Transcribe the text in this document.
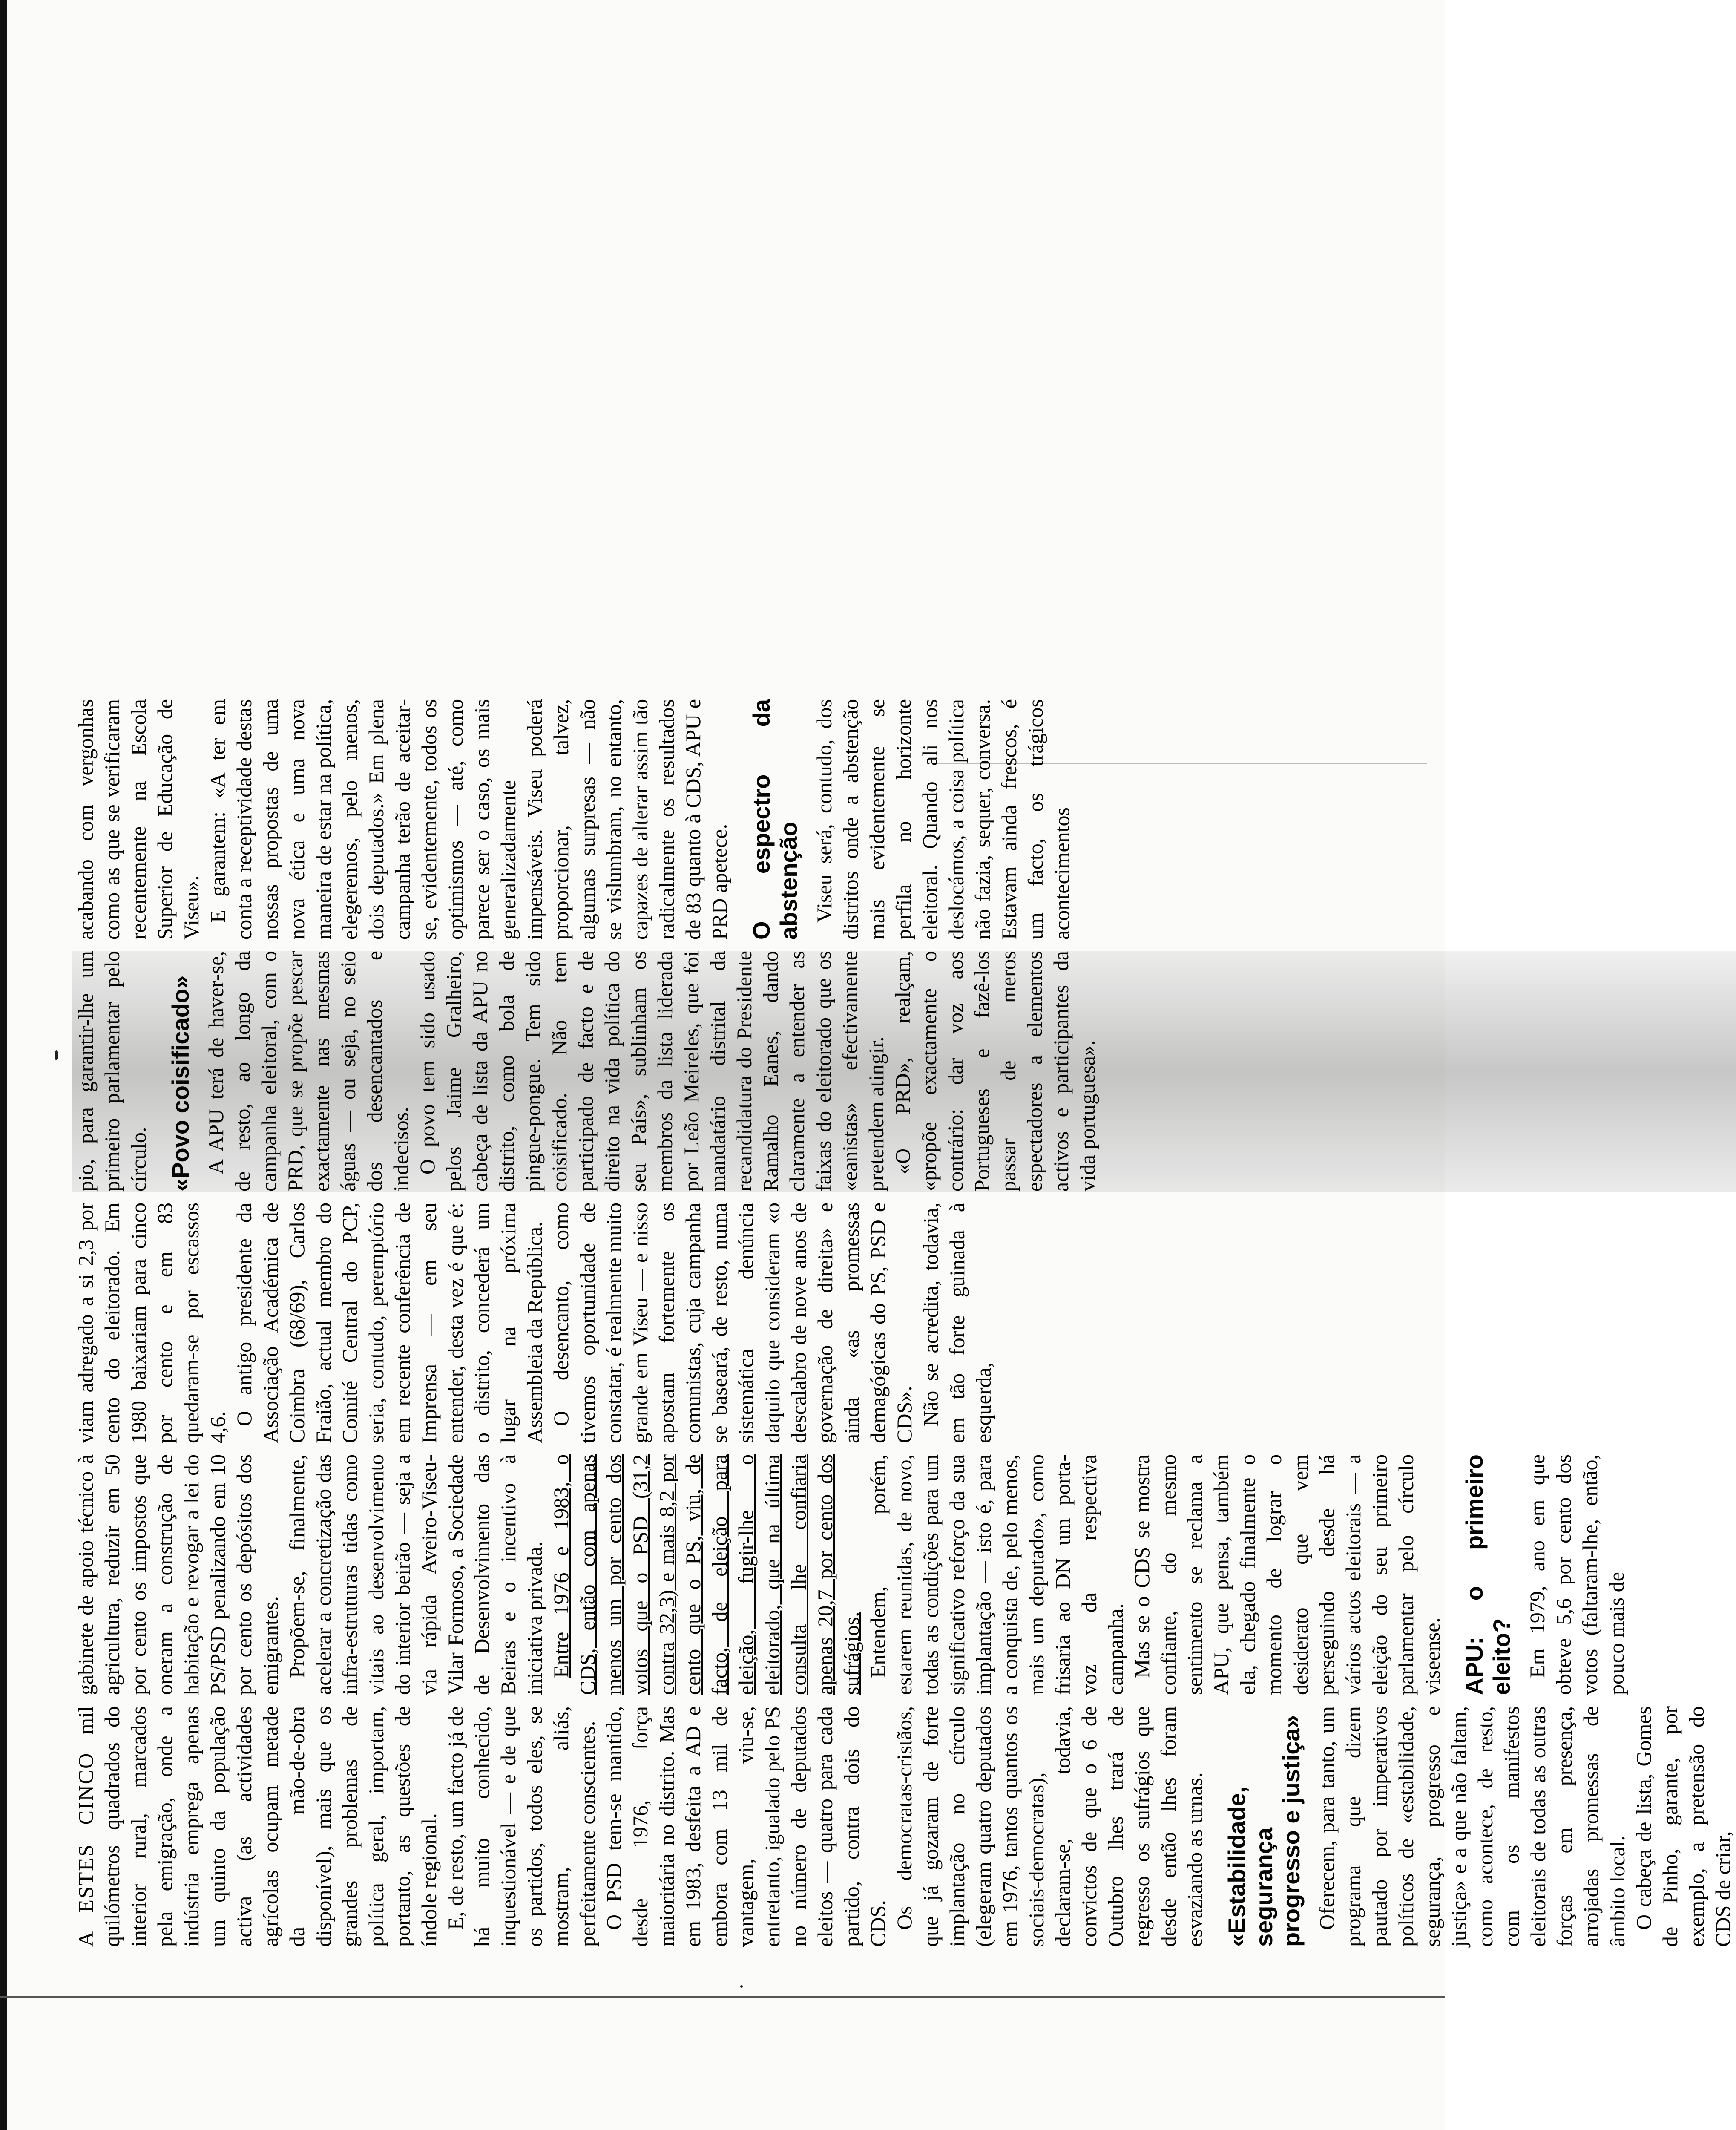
A ESTES CINCO mil quilómetros quadrados do interior rural, marcados pela emigração, onde a indústria emprega apenas um quinto da população activa (as actividades agrícolas ocupam metade da mão-de-obra disponível), mais que os grandes problemas de política geral, importam, portanto, as questões de índole regional. E, de resto, um facto já de há muito conhecido, inquestionável — e de que os partidos, todos eles, se mostram, aliás, perfeitamente conscientes. O PSD tem-se mantido, desde 1976, força maioritária no distrito. Mas em 1983, desfeita a AD e embora com 13 mil de vantagem, viu-se, entretanto, igualado pelo PS no número de deputados eleitos — quatro para cada partido, contra dois do CDS. Os democratas-cristãos, que já gozaram de forte implantação no círculo (elegeram quatro deputados em 1976, tantos quantos os sociais-democratas), declaram-se, todavia, convictos de que o 6 de Outubro lhes trará de regresso os sufrágios que desde então lhes foram esvaziando as urnas. «Estabilidade, segurança progresso e justiça» Oferecem, para tanto, um programa que dizem pautado por imperativos políticos de «estabilidade, segurança, progresso e justiça» e a que não faltam, como acontece, de resto, com os manifestos eleitorais de todas as outras forças em presença, arrojadas promessas de âmbito local. O cabeça de lista, Gomes de Pinho, garante, por exemplo, a pretensão do CDS de criar,

gabinete de apoio técnico à agricultura, reduzir em 50 por cento os impostos que oneram a construção de habitação e revogar a lei do PS/PSD penalizando em 10 por cento os depósitos dos emigrantes. Propõem-se, finalmente, acelerar a concretização das infra-estruturas tidas como vitais ao desenvolvimento do interior beirão — seja a via rápida Aveiro-Viseu-Vilar Formoso, a Sociedade de Desenvolvimento das Beiras e o incentivo à iniciativa privada. Entre 1976 e 1983, o CDS, então com apenas menos um por cento dos votos que o PSD (31,2 contra 32,3) e mais 8,2 por cento que o PS, viu, de facto, de eleição para eleição, fugir-lhe o eleitorado, que na última consulta lhe confiaria apenas 20,7 por cento dos sufrágios. Entendem, porém, estarem reunidas, de novo, todas as condições para um significativo reforço da sua implantação — isto é, para a conquista de, pelo menos, mais um deputado», como frisaria ao DN um porta-voz da respectiva campanha. Mas se o CDS se mostra confiante, do mesmo sentimento se reclama a APU, que pensa, também ela, chegado finalmente o momento de lograr o desiderato que vem perseguindo desde há vários actos eleitorais — a eleição do seu primeiro parlamentar pelo círculo viseense. APU: o primeiro eleito? Em 1979, ano em que obteve 5,6 por cento dos votos (faltaram-lhe, então, pouco mais de

viam adregado a si 2,3 por cento do eleitorado. Em 1980 baixariam para cinco por cento e em 83 quedaram-se por escassos 4,6.

O antigo presidente da Associação Académica de Coimbra (68/69), Carlos Fraião, actual membro do Comité Central do PCP, seria, contudo, peremptório em recente conferência de Imprensa — em seu entender, desta vez é que é: o distrito, concederá um lugar na próxima Assembleia da República. O desencanto, como tivemos oportunidade de constatar, é realmente muito grande em Viseu — e nisso apostam fortemente os comunistas, cuja campanha se baseará, de resto, numa sistemática denúncia daquilo que consideram «o descalabro de nove anos de governação de direita» e ainda «as promessas demagógicas do PS, PSD e CDS». Não se acredita, todavia, em tão forte guinada à esquerda,

pio, para garantir-lhe um primeiro parlamentar pelo círculo. «Povo coisificado» A APU terá de haver-se, de resto, ao longo da campanha eleitoral, com o PRD, que se propõe pescar exactamente nas mesmas águas — ou seja, no seio dos desencantados e indecisos. O povo tem sido usado pelos Jaime Gralheiro, cabeça de lista da APU no distrito, como bola de pingue-pongue. Tem sido coisificado. Não tem participado de facto e de direito na vida política do seu País», sublinham os membros da lista liderada por Leão Meireles, que foi mandatário distrital da recandidatura do Presidente Ramalho Eanes, dando claramente a entender as faixas do eleitorado que os «eanistas» efectivamente pretendem atingir. «O PRD», realçam, «propõe exactamente o contrário: dar voz aos Portugueses e fazê-los passar de meros espectadores a elementos activos e participantes da vida portuguesa».

acabando com vergonhas como as que se verificaram recentemente na Escola Superior de Educação de Viseu». E garantem: «A ter em conta a receptividade destas nossas propostas de uma nova ética e uma nova maneira de estar na política, elegeremos, pelo menos, dois deputados.» Em plena campanha terão de aceitar-se, evidentemente, todos os optimismos — até, como parece ser o caso, os mais generalizadamente impensáveis. Viseu poderá proporcionar, talvez, algumas surpresas — não se vislumbram, no entanto, capazes de alterar assim tão radicalmente os resultados de 83 quanto à CDS, APU e PRD apetece. O espectro da abstenção Viseu será, contudo, dos distritos onde a abstenção mais evidentemente se perfila no horizonte eleitoral. Quando ali nos deslocámos, a coisa política não fazia, sequer, conversa. Estavam ainda frescos, é um facto, os trágicos acontecimentos
